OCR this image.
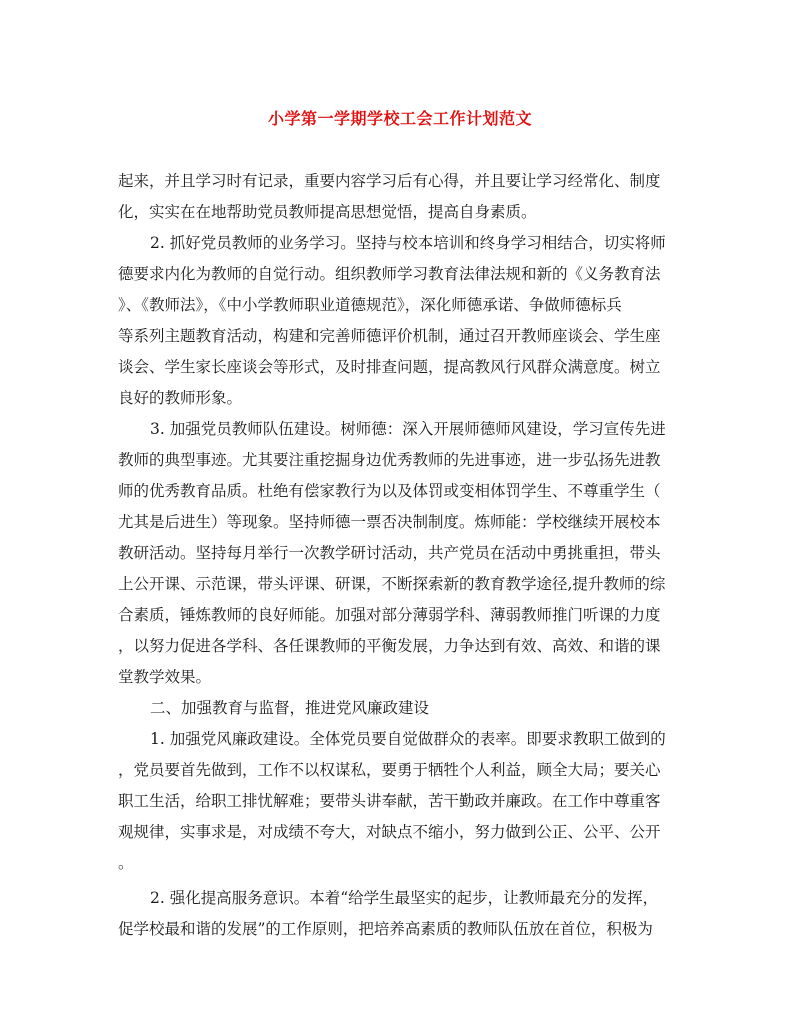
小学第一学期学校工会工作计划范文
起来，并且学习时有记录，重要内容学习后有心得，并且要让学习经常化、制度
化，实实在在地帮助党员教师提高思想觉悟，提高自身素质。
2. 抓好党员教师的业务学习。坚持与校本培训和终身学习相结合，切实将师
德要求内化为教师的自觉行动。组织教师学习教育法律法规和新的《义务教育法
》、《教师法》，《中小学教师职业道德规范》，深化师德承诺、争做师德标兵
等系列主题教育活动，构建和完善师德评价机制，通过召开教师座谈会、学生座
谈会、学生家长座谈会等形式，及时排查问题，提高教风行风群众满意度。树立
良好的教师形象。
3. 加强党员教师队伍建设。树师德：深入开展师德师风建设，学习宣传先进
教师的典型事迹。尤其要注重挖掘身边优秀教师的先进事迹，进一步弘扬先进教
师的优秀教育品质。杜绝有偿家教行为以及体罚或变相体罚学生、不尊重学生（
尤其是后进生）等现象。坚持师德一票否决制制度。炼师能：学校继续开展校本
教研活动。坚持每月举行一次教学研讨活动，共产党员在活动中勇挑重担，带头
上公开课、示范课，带头评课、研课，不断探索新的教育教学途径,提升教师的综
合素质，锤炼教师的良好师能。加强对部分薄弱学科、薄弱教师推门听课的力度
，以努力促进各学科、各任课教师的平衡发展，力争达到有效、高效、和谐的课
堂教学效果。
二、加强教育与监督，推进党风廉政建设
1. 加强党风廉政建设。全体党员要自觉做群众的表率。即要求教职工做到的
，党员要首先做到，工作不以权谋私，要勇于牺牲个人利益，顾全大局；要关心
职工生活，给职工排忧解难；要带头讲奉献，苦干勤政并廉政。在工作中尊重客
观规律，实事求是，对成绩不夸大，对缺点不缩小，努力做到公正、公平、公开
。
2. 强化提高服务意识。本着“给学生最坚实的起步，让教师最充分的发挥，
促学校最和谐的发展”的工作原则，把培养高素质的教师队伍放在首位，积极为
